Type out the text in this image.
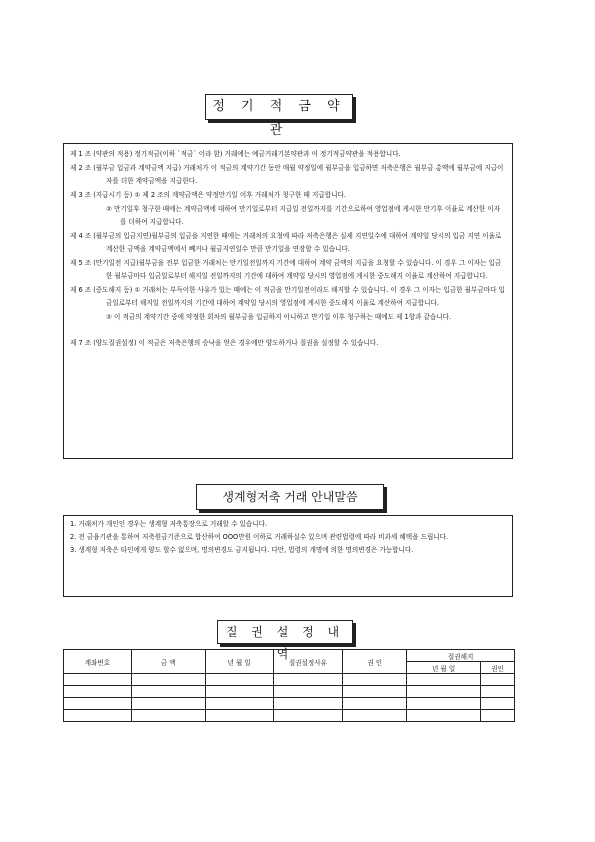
정 기 적 금 약 관
제 1 조 (약관의 적용) 정기적금(이하 `적금` 이라 함) 거래에는 예금거래기본약관과 이 정기적금약관을 적용합니다.
제 2 조 (월부금 입금과 계약금액 지급) 거래처가 이 적금의 계약기간 동안 매월 약정일에 월부금을 입금하면 저축은행은 월부금 총액에 월부금에 지급이자를 더한 계약금액을 지급한다.
제 3 조 (지급시기 등) ① 제 2 조의 계약금액은 약정만기일 이후 거래처가 청구한 때 지급합니다.
② 만기일후 청구한 때에는 계약금액에 대하여 만기일로부터 지급일 전일까지를 기간으로하여 영업점에 게시한 만기후 이율로 계산한 이자를 더하여 지급합니다.
제 4 조 (월부금의 입금지연)월부금의 입금을 지연한 때에는 거래처의 요청에 따라 저축은행은 실제 지연일수에 대하여 계약일 당시의 입금 지연 이율로 계산한 금액을 계약금액에서 빼거나 월금지연일수 만큼 만기일을 연장할 수 있습니다.
제 5 조 (만기일전 지급)월부금을 전부 입금한 거래처는 만기일전일까지 기간에 대하여 계약 금액의 지급을 요청할 수 있습니다. 이 경우 그 이자는 입금한 월부금마다 입금일로부터 해지일 전일까지의 기간에 대하여 계약일 당시의 영업점에 게시한 중도해지 이율로 계산하여 지급합니다.
제 6 조 (중도해지 등) ① 거래처는 부득이한 사유가 있는 때에는 이 적금을 만기일전이라도 해지할 수 있습니다. 이 경우 그 이자는 입금한 월부금마다 입금일로부터 해지일 전일까지의 기간에 대하여 계약일 당시의 영업점에 게시한 중도해지 이율로 계산하여 지급합니다.
② 이 적금의 계약기간 중에 약정한 회차의 월부금을 입금하지 아니하고 만기일 이후 청구하는 때에도 제 1항과 같습니다.
제 7 조 (양도질권설정) 이 적금은 저축은행의 승낙을 얻은 경우에만 양도하거나 질권을 설정할 수 있습니다.
생계형저축 거래 안내말씀
1. 거래처가 개인인 경우는 생계형 저축통장으로 거래할 수 있습니다.
2. 전 금융기관을 통하여 저축원금기준으로 합산하여 OOO만원 이하로 거래하실수 있으며 관련법령에 따라 비과세 혜택을 드립니다.
3. 생계형 저축은 타인에게 양도 할수 없으며, 명의변경도 금지됩니다. 다만, 법령의 개명에 의한 명의변경은 가능합니다.
질 권 설 정 내 역
계좌번호	금 액	년 월 일	질권설정사유	권 인	질권해지	
					년 월 일	권인
